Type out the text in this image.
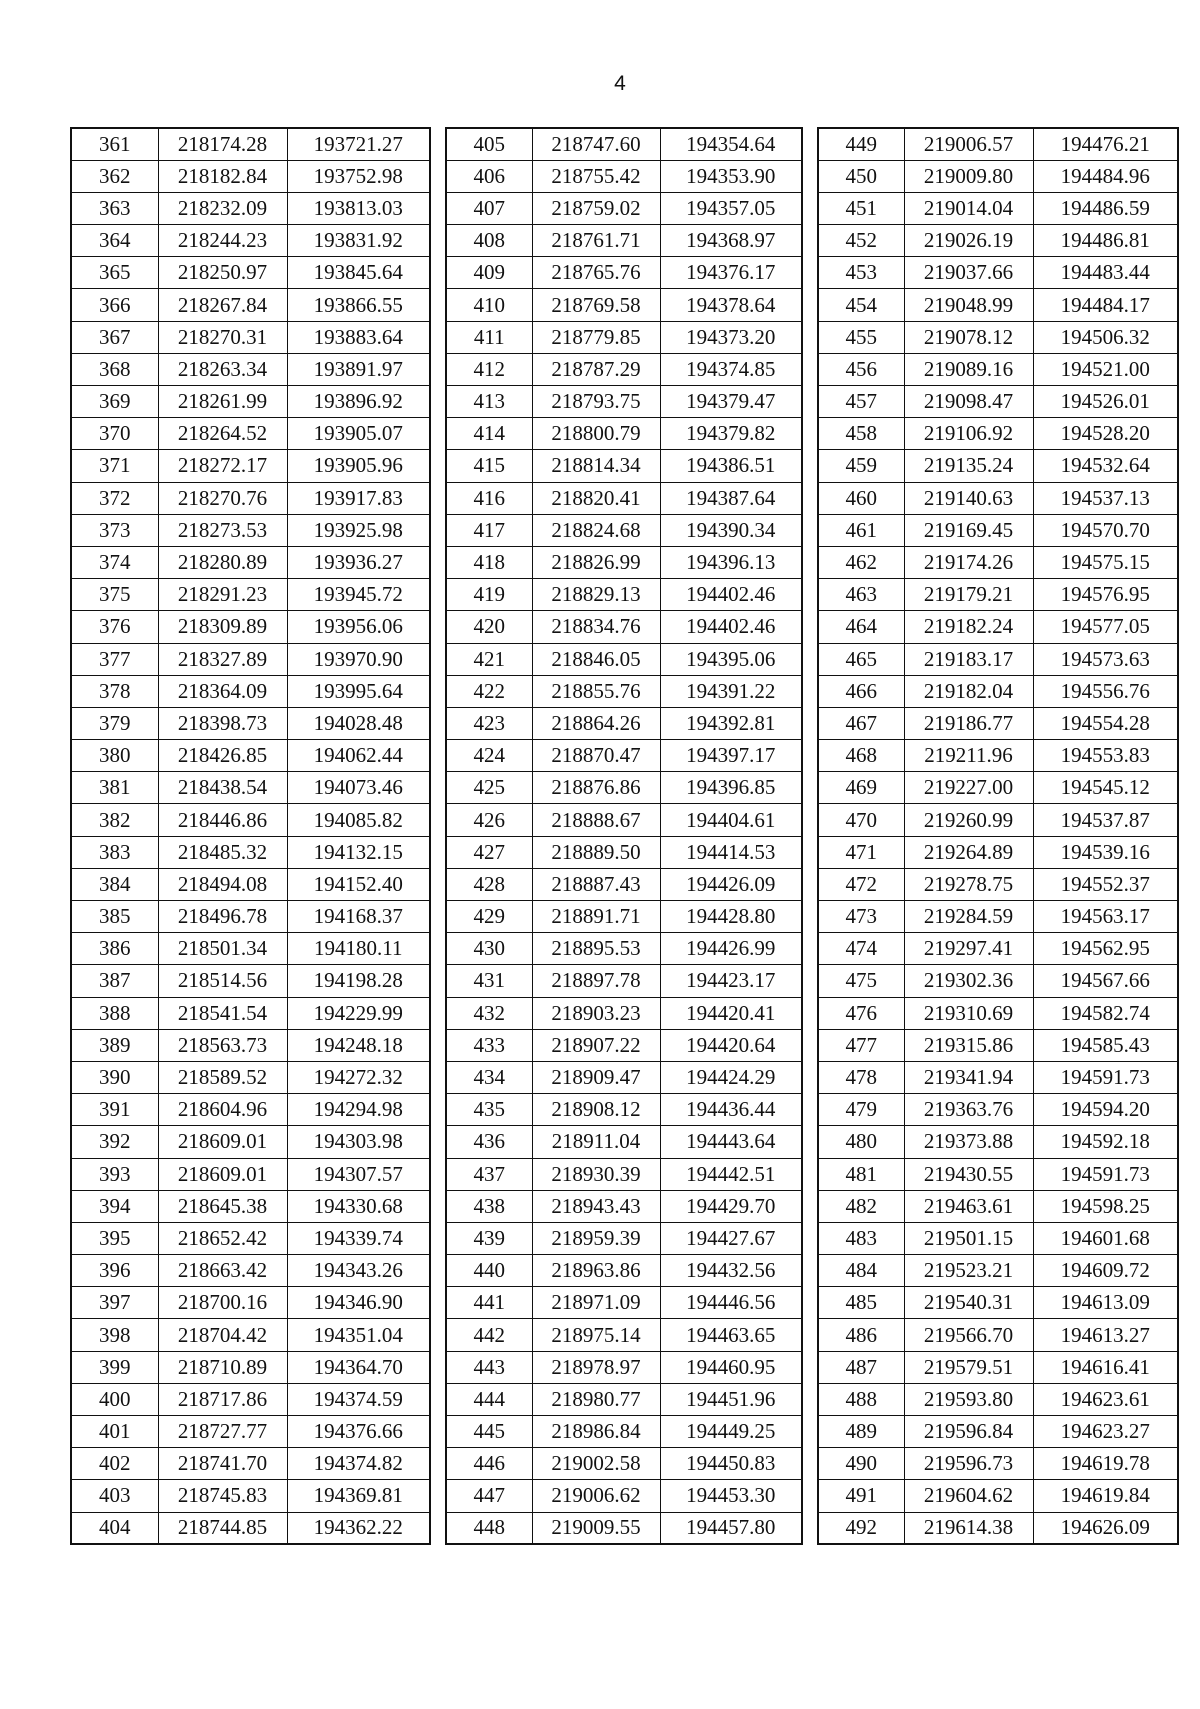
4
361	218174.28	193721.27
362	218182.84	193752.98
363	218232.09	193813.03
364	218244.23	193831.92
365	218250.97	193845.64
366	218267.84	193866.55
367	218270.31	193883.64
368	218263.34	193891.97
369	218261.99	193896.92
370	218264.52	193905.07
371	218272.17	193905.96
372	218270.76	193917.83
373	218273.53	193925.98
374	218280.89	193936.27
375	218291.23	193945.72
376	218309.89	193956.06
377	218327.89	193970.90
378	218364.09	193995.64
379	218398.73	194028.48
380	218426.85	194062.44
381	218438.54	194073.46
382	218446.86	194085.82
383	218485.32	194132.15
384	218494.08	194152.40
385	218496.78	194168.37
386	218501.34	194180.11
387	218514.56	194198.28
388	218541.54	194229.99
389	218563.73	194248.18
390	218589.52	194272.32
391	218604.96	194294.98
392	218609.01	194303.98
393	218609.01	194307.57
394	218645.38	194330.68
395	218652.42	194339.74
396	218663.42	194343.26
397	218700.16	194346.90
398	218704.42	194351.04
399	218710.89	194364.70
400	218717.86	194374.59
401	218727.77	194376.66
402	218741.70	194374.82
403	218745.83	194369.81
404	218744.85	194362.22
405	218747.60	194354.64
406	218755.42	194353.90
407	218759.02	194357.05
408	218761.71	194368.97
409	218765.76	194376.17
410	218769.58	194378.64
411	218779.85	194373.20
412	218787.29	194374.85
413	218793.75	194379.47
414	218800.79	194379.82
415	218814.34	194386.51
416	218820.41	194387.64
417	218824.68	194390.34
418	218826.99	194396.13
419	218829.13	194402.46
420	218834.76	194402.46
421	218846.05	194395.06
422	218855.76	194391.22
423	218864.26	194392.81
424	218870.47	194397.17
425	218876.86	194396.85
426	218888.67	194404.61
427	218889.50	194414.53
428	218887.43	194426.09
429	218891.71	194428.80
430	218895.53	194426.99
431	218897.78	194423.17
432	218903.23	194420.41
433	218907.22	194420.64
434	218909.47	194424.29
435	218908.12	194436.44
436	218911.04	194443.64
437	218930.39	194442.51
438	218943.43	194429.70
439	218959.39	194427.67
440	218963.86	194432.56
441	218971.09	194446.56
442	218975.14	194463.65
443	218978.97	194460.95
444	218980.77	194451.96
445	218986.84	194449.25
446	219002.58	194450.83
447	219006.62	194453.30
448	219009.55	194457.80
449	219006.57	194476.21
450	219009.80	194484.96
451	219014.04	194486.59
452	219026.19	194486.81
453	219037.66	194483.44
454	219048.99	194484.17
455	219078.12	194506.32
456	219089.16	194521.00
457	219098.47	194526.01
458	219106.92	194528.20
459	219135.24	194532.64
460	219140.63	194537.13
461	219169.45	194570.70
462	219174.26	194575.15
463	219179.21	194576.95
464	219182.24	194577.05
465	219183.17	194573.63
466	219182.04	194556.76
467	219186.77	194554.28
468	219211.96	194553.83
469	219227.00	194545.12
470	219260.99	194537.87
471	219264.89	194539.16
472	219278.75	194552.37
473	219284.59	194563.17
474	219297.41	194562.95
475	219302.36	194567.66
476	219310.69	194582.74
477	219315.86	194585.43
478	219341.94	194591.73
479	219363.76	194594.20
480	219373.88	194592.18
481	219430.55	194591.73
482	219463.61	194598.25
483	219501.15	194601.68
484	219523.21	194609.72
485	219540.31	194613.09
486	219566.70	194613.27
487	219579.51	194616.41
488	219593.80	194623.61
489	219596.84	194623.27
490	219596.73	194619.78
491	219604.62	194619.84
492	219614.38	194626.09
